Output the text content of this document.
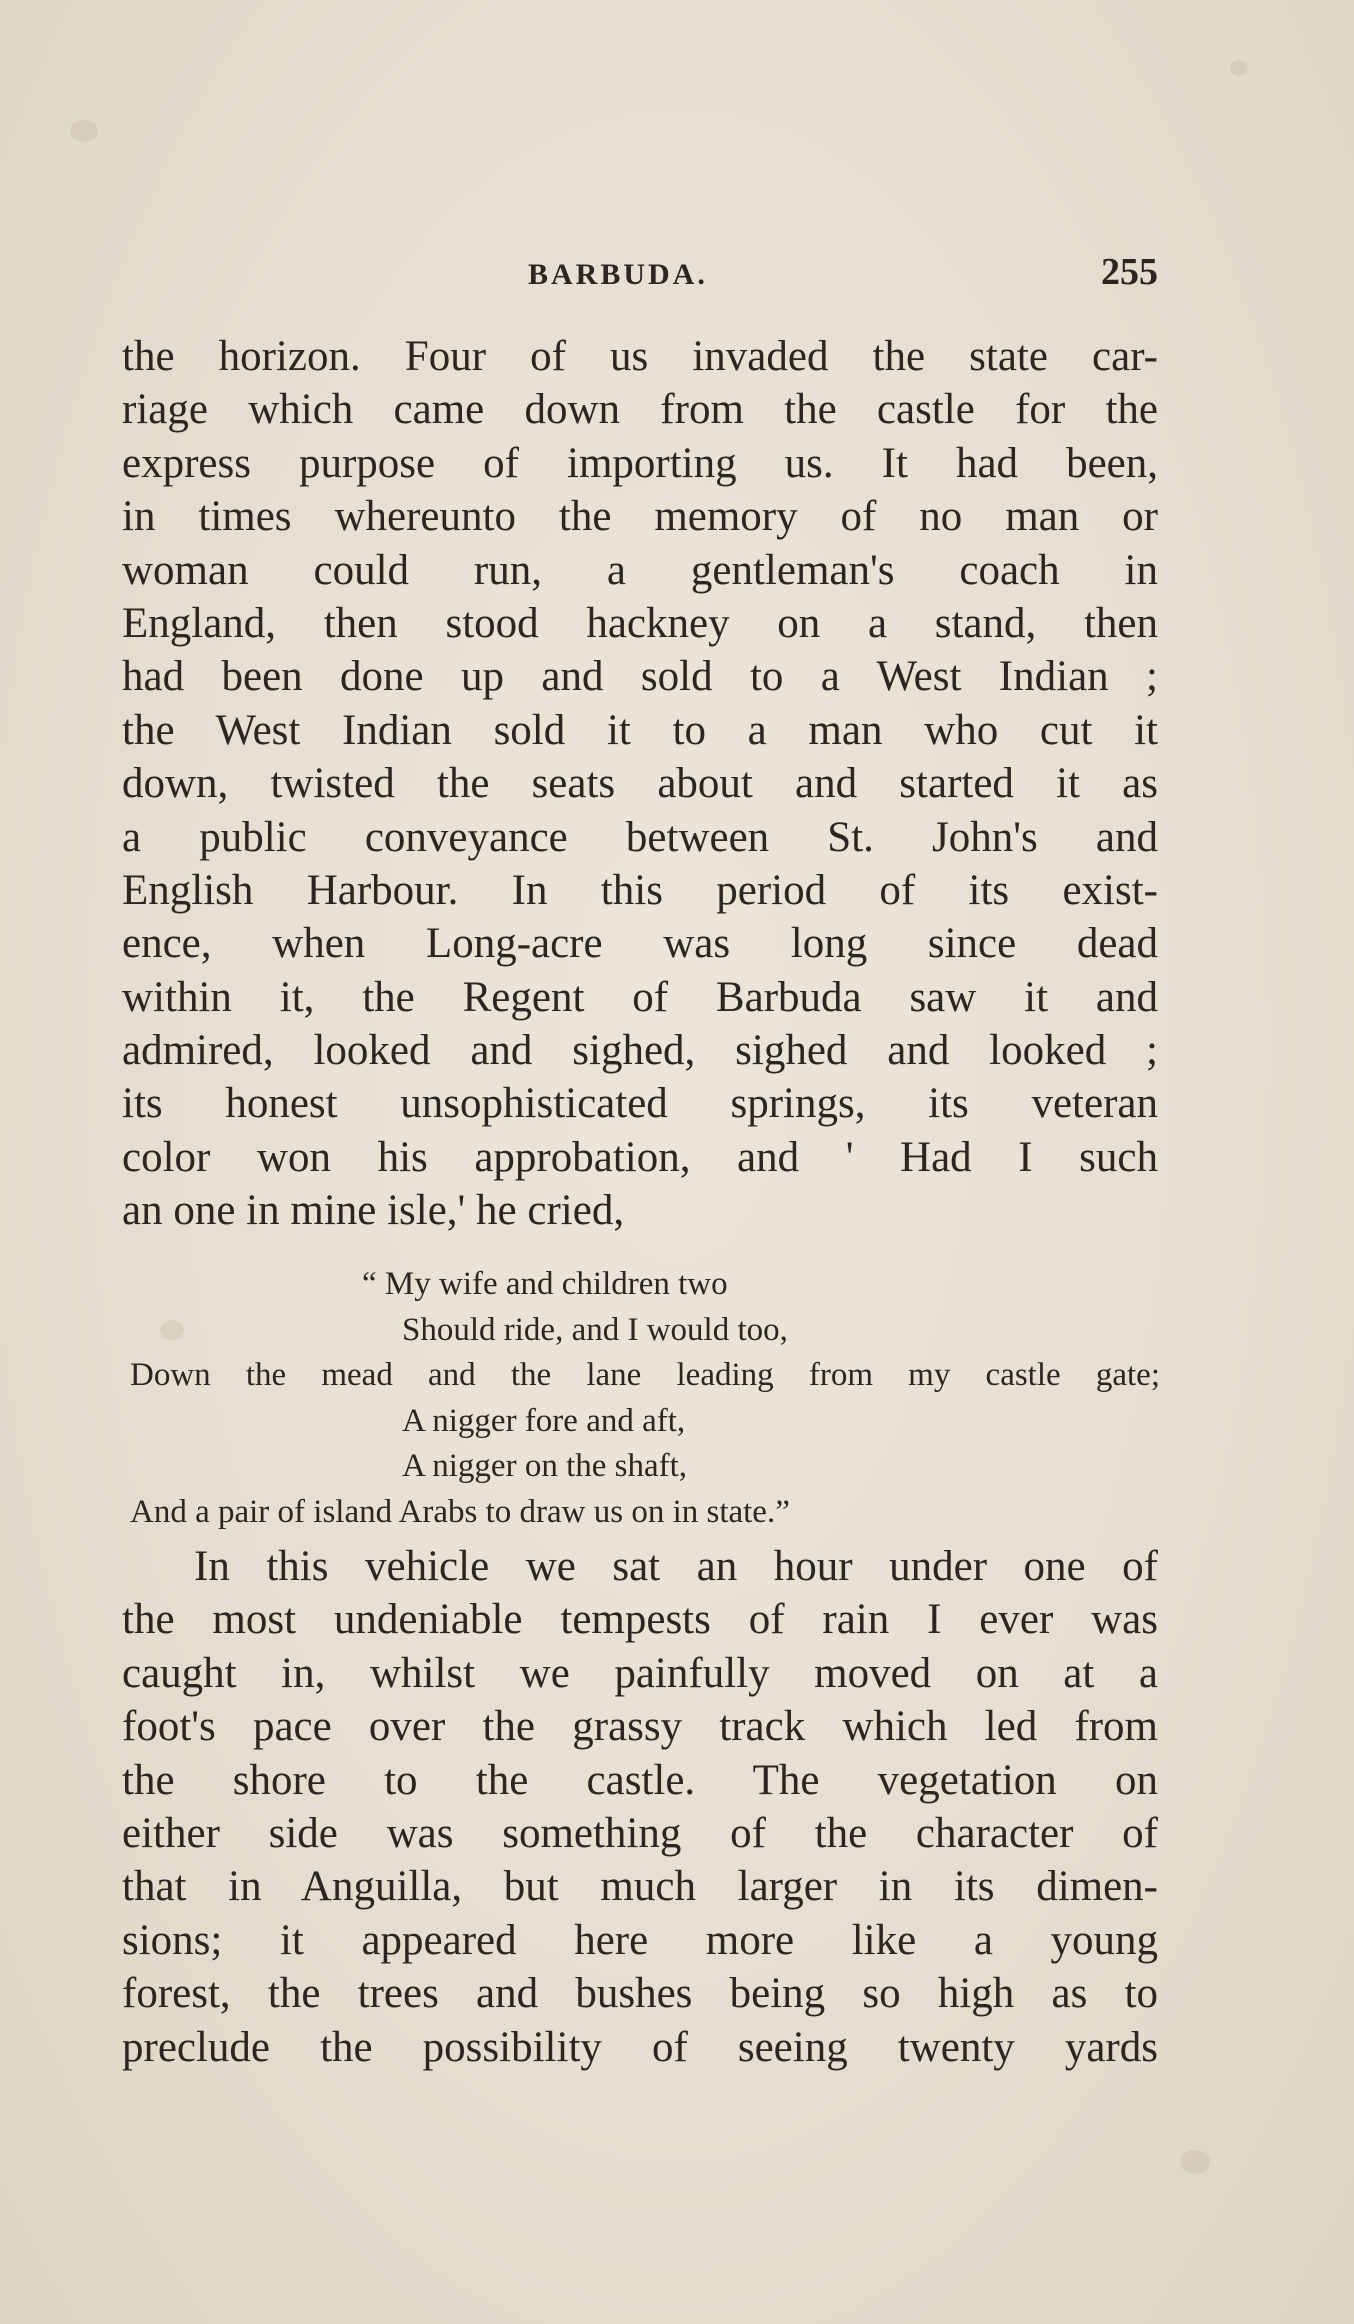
BARBUDA.	255
the horizon. Four of us invaded the state car-
riage which came down from the castle for the
express purpose of importing us. It had been,
in times whereunto the memory of no man or
woman could run, a gentleman's coach in
England, then stood hackney on a stand, then
had been done up and sold to a West Indian ;
the West Indian sold it to a man who cut it
down, twisted the seats about and started it as
a public conveyance between St. John's and
English Harbour. In this period of its exist-
ence, when Long-acre was long since dead
within it, the Regent of Barbuda saw it and
admired, looked and sighed, sighed and looked ;
its honest unsophisticated springs, its veteran
color won his approbation, and ' Had I such
an one in mine isle,' he cried,
“ My wife and children two
Should ride, and I would too,
Down the mead and the lane leading from my castle gate;
A nigger fore and aft,
A nigger on the shaft,
And a pair of island Arabs to draw us on in state.”
In this vehicle we sat an hour under one of
the most undeniable tempests of rain I ever was
caught in, whilst we painfully moved on at a
foot's pace over the grassy track which led from
the shore to the castle. The vegetation on
either side was something of the character of
that in Anguilla, but much larger in its dimen-
sions; it appeared here more like a young
forest, the trees and bushes being so high as to
preclude the possibility of seeing twenty yards
